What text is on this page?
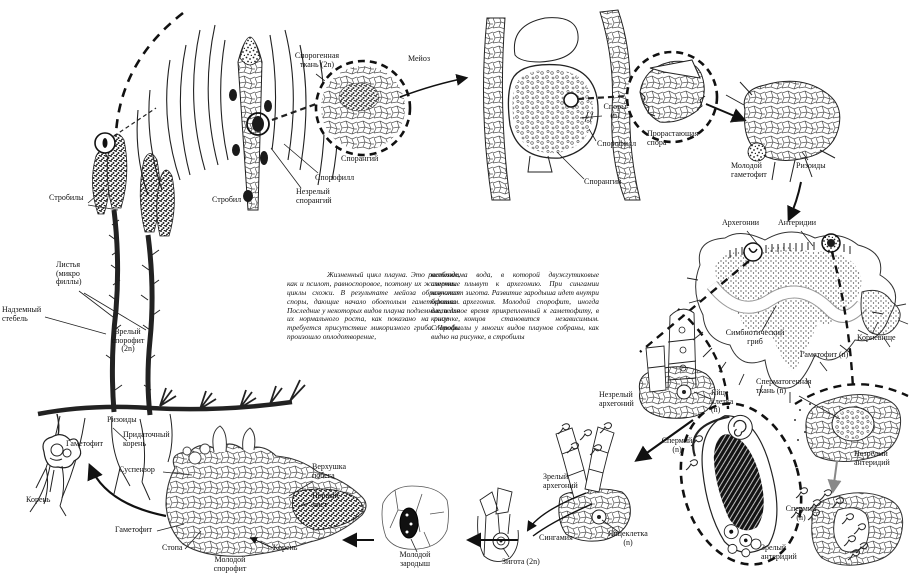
Спорогенная
ткань (2n)
Мейоз
Спорангий
Спорофилл
Незрелый
спорангий
Стробил
Споры
(n)
Спорофилл
Спорангий
Прорастающая
спора
Молодой
гаметофит
Ризоиды
Архегонии Антеридии
Симбиотический
гриб
Гаметофит (n)
Корневище
Сперматогенная
ткань (n)
Незрелый
антеридий
Спермий
(n)
Зрелый
антеридий
Спермий
(n)
Незрелый
архегоний
Яйце
клетка
(n)
Зрелый
архегоний
Яйцеклетка
(n)
Сингамия
Зигота (2n)
Молодой
зародыш
Верхушка
побега
Первый
лист
Корень
Молодой
спорофит
Стопа
Гаметофит
Суспензор
Стробилы
Листья
(микро
филлы)
Надземный
стебель
Зрелый
спорофит
(2n)
Ризоиды
Придаточный
корень
Гаметофит
Корень
Жизненный цикл плауна. Это растение, как и псилот, равноспоровое, поэтому их жизненные циклы схожи. В результате мейоза образуются споры, дающие начало обоеполым гаметофитам. Последние у некоторых видов плауна подземные, и для их нормального роста, как показано на рисунке, требуется присутствие микоризного гриба. Чтобы произошло оплодотворение,
необходима вода, в которой двужгутиковые спермии плывут к архегонию. При сингамии возникает зигота. Развитие зародыша идет внутри брюшка архегония. Молодой спорофит, иногда длительное время прикрепленный к гаметофиту, в конце концов становится независимым. Спорофиллы у многих видов плаунов собраны, как видно на рисунке, в стробилы
